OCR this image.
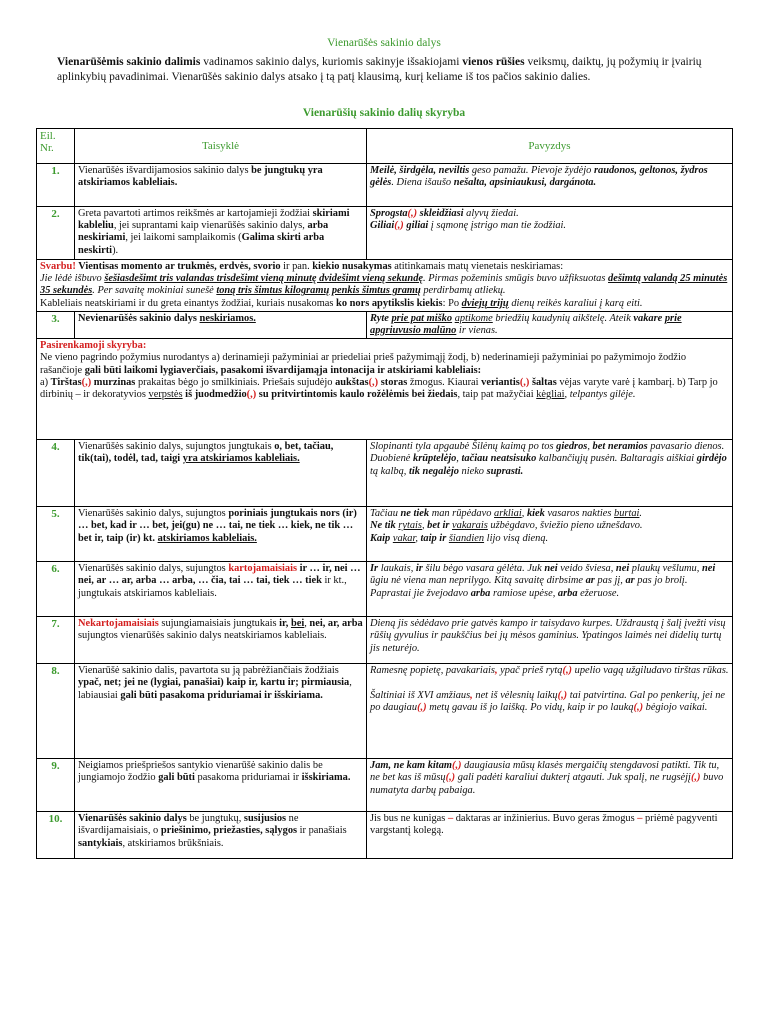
Vienarūšės sakinio dalys
Vienarūšėmis sakinio dalimis vadinamos sakinio dalys, kuriomis sakinyje išsakiojami vienos rūšies veiksmų, daiktų, jų požymių ir įvairių aplinkybių pavadinimai. Vienarūšės sakinio dalys atsako į tą patį klausimą, kurį keliame iš tos pačios sakinio dalies.
Vienarūšių sakinio dalių skyryba
Eil. Nr.	Taisyklė	Pavyzdys
1.	Vienarūšės išvardijamosios sakinio dalys be jungtukų yra atskiriamos kableliais.	Meilė, širdgėla, neviltis geso pamažu. Pievoje žydėjo raudonos, geltonos, žydros gėlės. Diena išaušo nešalta, apsiniaukusi, dargánota.
2.	Greta pavartoti artimos reikšmės ar kartojamieji žodžiai skiriami kableliu, jei suprantami kaip vienarūšės sakinio dalys, arba neskiriami, jei laikomi samplaikomis (Galima skirti arba neskirti).	Sprogsta(,) skleidžiasi alyvų žiedai.
Giliai(,) giliai į sąmonę įstrigo man tie žodžiai.
Svarbu! Vientisas momento ar trukmės, erdvės, svorio ir pan. kiekio nusakymas atitinkamais matų vienetais neskiriamas:
Jie lėdė išbuvo šešiasdešimt tris valandas trisdešimt vieną minutę dvidešimt vieną sekundę. Pirmas požeminis smūgis buvo užfiksuotas dešimtą valandą 25 minutės 35 sekundės. Per savaitę mokiniai sunešė toną tris šimtus kilogramų penkis šimtus gramų perdirbamų atliekų.
Kableliais neatskiriami ir du greta einantys žodžiai, kuriais nusakomas ko nors apytikslis kiekis: Po dviejų trijų dienų reikės karaliui į karą eiti.		
3.	Nevienarūšės sakinio dalys neskiriamos.	Ryte prie pat miško aptikome briedžių kaudynių aikštelę. Ateik vakare prie apgriuvusio malūno ir vienas.
Pasirenkamoji skyryba:
Ne vieno pagrindo požymius nurodantys a) derinamieji pažyminiai ar priedeliai prieš pažymimąjį žodį, b) nederinamieji pažyminiai po pažymimojo žodžio rašančioje gali būti laikomi lygiaverčiais, pasakomi išvardijamąja intonacija ir atskiriami kableliais:
a) Tirštas(,) murzinas prakaitas bėgo jo smilkiniais. Priešais sujudėjo aukštas(,) storas žmogus. Kiaurai veriantis(,) šaltas vėjas varyte varė į kambarį. b) Tarp jo dirbinių – ir dekoratyvios verpstės iš juodmedžio(,) su pritvirtintomis kaulo rožėlėmis bei žiedais, taip pat mažyčiai kėgliai, telpantys gilėje.		
4.	Vienarūšės sakinio dalys, sujungtos jungtukais o, bet, tačiau, tik(tai), todėl, tad, taigi yra atskiriamos kableliais.	Slopinanti tyla apgaubė Šilėnų kaimą po tos giedros, bet neramios pavasario dienos. Duobienė krūptelėjo, tačiau neatsisuko kalbančiųjų pusėn. Baltaragis aiškiai girdėjo tą kalbą, tik negalėjo nieko suprasti.
5.	Vienarūšės sakinio dalys, sujungtos poriniais jungtukais nors (ir) … bet, kad ir … bet, jei(gu) ne … tai, ne tiek … kiek, ne tik … bet ir, taip (ir) kt. atskiriamos kableliais.	Tačiau ne tiek man rūpėdavo arkliai, kiek vasaros nakties burtai.
Ne tik rytais, bet ir vakarais užbėgdavo, šviežio pieno užnešdavo.
Kaip vakar, taip ir šiandien lijo visą dieną.
6.	Vienarūšės sakinio dalys, sujungtos kartojamaisiais ir … ir, nei … nei, ar … ar, arba … arba, … čia, tai … tai, tiek … tiek ir kt., jungtukais atskiriamos kableliais.	Ir laukais, ir šilu bėgo vasara gėlėta. Juk nei veido šviesa, nei plaukų vešlumu, nei ūgiu nė viena man neprilygo. Kitą savaitę dirbsime ar pas jį, ar pas jo brolį. Paprastai jie žvejodavo arba ramiose upėse, arba ežeruose.
7.	Nekartojamaisiais sujungiamaisiais jungtukais ir, bei, nei, ar, arba sujungtos vienarūšės sakinio dalys neatskiriamos kableliais.	Dieną jis sėdėdavo prie gatvės kampo ir taisydavo kurpes. Uždraustą į šalį įvežti visų rūšių gyvulius ir paukščius bei jų mėsos gaminius. Ypatingos laimės nei didelių turtų jis neturėjo.
8.	Vienarūšė sakinio dalis, pavartota su ją pabrėžiančiais žodžiais ypač, net; jei ne (lygiai, panašiai) kaip ir, kartu ir; pirmiausia, labiausiai gali būti pasakoma priduriamai ir išskiriama.	Ramesnę popietę, pavakariais, ypač prieš rytą(,) upelio vagą užgiludavo tirštas rūkas.

Šaltiniai iš XVI amžiaus, net iš vėlesnių laikų(,) tai patvirtina. Gal po penkerių, jei ne po daugiau(,) metų gavau iš jo laišką. Po vidų, kaip ir po lauką(,) bėgiojo vaikai.
9.	Neigiamos priešpriešos santykio vienarūšė sakinio dalis be jungiamojo žodžio gali būti pasakoma priduriamai ir išskiriama.	Jam, ne kam kitam(,) daugiausia mūsų klasės mergaičių stengdavosi patikti. Tik tu, ne bet kas iš mūsų(,) gali padėti karaliui dukterį atgauti. Juk spalį, ne rugsėjį(,) buvo numatyta darbų pabaiga.
10.	Vienarūšės sakinio dalys be jungtukų, susijusios ne išvardijamaisiais, o priešinimo, priežasties, sąlygos ir panašiais santykiais, atskiriamos brūkšniais.	Jis bus ne kunigas – daktaras ar inžinierius. Buvo geras žmogus – priėmė pagyventi vargstantį kolegą.
